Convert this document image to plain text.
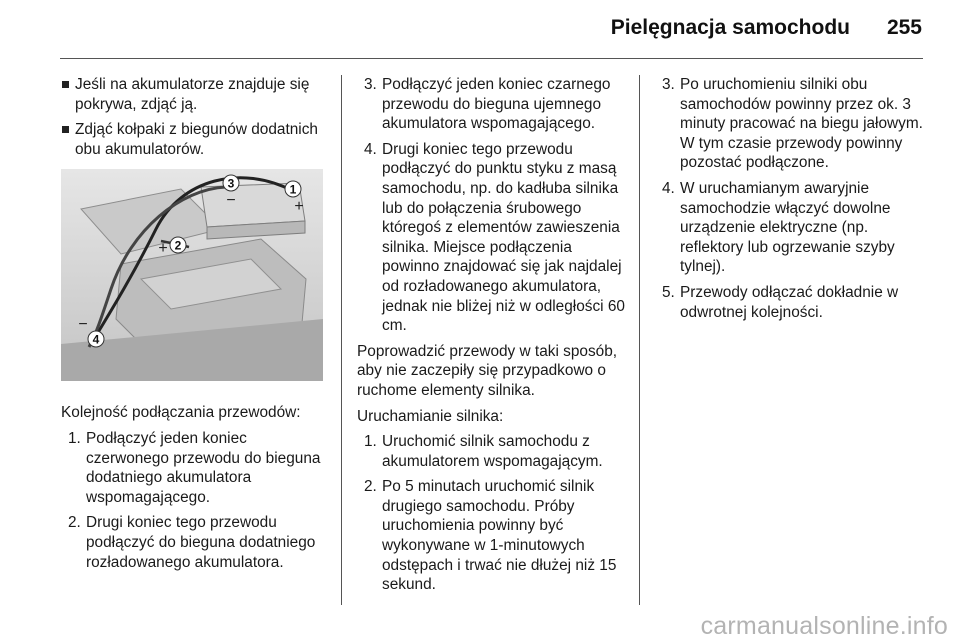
Pielęgnacja samochodu	255
Jeśli na akumulatorze znajduje się pokrywa, zdjąć ją.
Zdjąć kołpaki z biegunów dodatnich obu akumulatorów.
1
2
3
4
+
−
+
−

Kolejność podłączania przewodów:

1. Podłączyć jeden koniec czerwonego przewodu do bieguna dodatniego akumulatora wspomagającego.
2. Drugi koniec tego przewodu podłączyć do bieguna dodatniego rozładowanego akumulatora.
3. Podłączyć jeden koniec czarnego przewodu do bieguna ujemnego akumulatora wspomagającego.
4. Drugi koniec tego przewodu podłączyć do punktu styku z masą samochodu, np. do kadłuba silnika lub do połączenia śrubowego któregoś z elementów zawieszenia silnika. Miejsce podłączenia powinno znajdować się jak najdalej od rozładowanego akumulatora, jednak nie bliżej niż w odległości 60 cm.

Poprowadzić przewody w taki sposób, aby nie zaczepiły się przypadkowo o ruchome elementy silnika.

Uruchamianie silnika:

1. Uruchomić silnik samochodu z akumulatorem wspomagającym.
2. Po 5 minutach uruchomić silnik drugiego samochodu. Próby uruchomienia powinny być wykonywane w 1-minutowych odstępach i trwać nie dłużej niż 15 sekund.
3. Po uruchomieniu silniki obu samochodów powinny przez ok. 3 minuty pracować na biegu jałowym. W tym czasie przewody powinny pozostać podłączone.
4. W uruchamianym awaryjnie samochodzie włączyć dowolne urządzenie elektryczne (np. reflektory lub ogrzewanie szyby tylnej).
5. Przewody odłączać dokładnie w odwrotnej kolejności.
carmanualsonline.info
